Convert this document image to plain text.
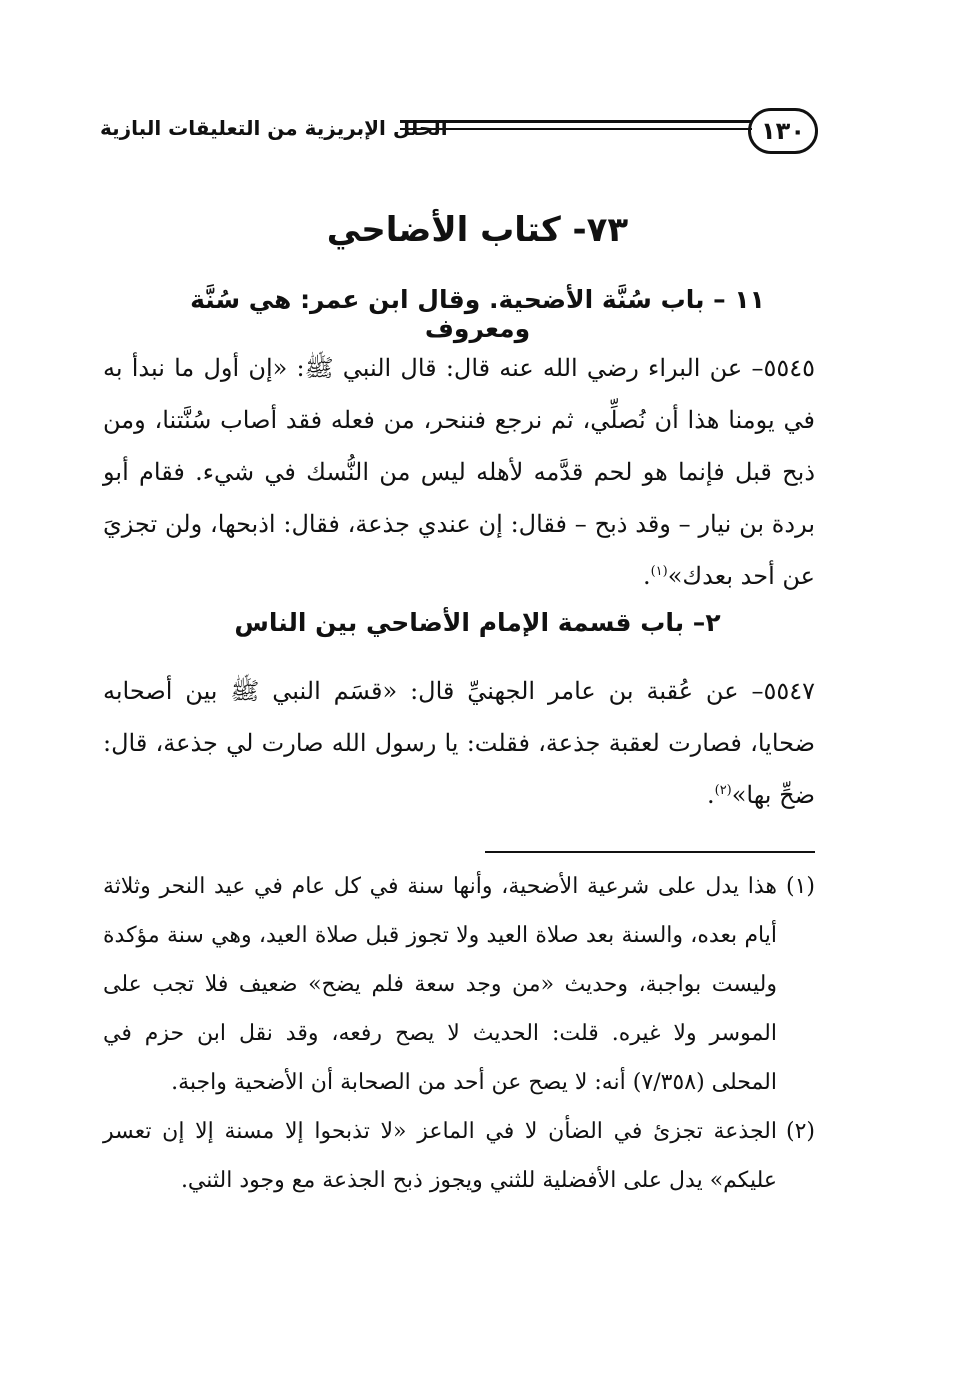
١٣٠
الحلل الإبريزية من التعليقات البازية
٧٣- كتاب الأضاحي
١١ – باب سُنَّة الأضحية. وقال ابن عمر: هي سُنَّة ومعروف
٥٥٤٥– عن البراء رضي الله عنه قال: قال النبي ﷺ: «إن أول ما نبدأ به في يومنا هذا أن نُصلِّي، ثم نرجع فننحر، من فعله فقد أصاب سُنَّتنا، ومن ذبح قبل فإنما هو لحم قدَّمه لأهله ليس من النُّسك في شيء. فقام أبو بردة بن نيار – وقد ذبح – فقال: إن عندي جذعة، فقال: اذبحها، ولن تجزيَ عن أحد بعدك»$^{(١)}$.
٢– باب قسمة الإمام الأضاحي بين الناس
٥٥٤٧– عن عُقبة بن عامر الجهنيِّ قال: «قسَم النبي ﷺ بين أصحابه ضحايا، فصارت لعقبة جذعة، فقلت: يا رسول الله صارت لي جذعة، قال: ضحِّ بها»$^{(٢)}$.
(١)
هذا يدل على شرعية الأضحية، وأنها سنة في كل عام في عيد النحر وثلاثة أيام بعده، والسنة بعد صلاة العيد ولا تجوز قبل صلاة العيد، وهي سنة مؤكدة وليست بواجبة، وحديث «من وجد سعة فلم يضح» ضعيف فلا تجب على الموسر ولا غيره. قلت: الحديث لا يصح رفعه، وقد نقل ابن حزم في المحلى (٧/٣٥٨) أنه: لا يصح عن أحد من الصحابة أن الأضحية واجبة.
(٢)
الجذعة تجزئ في الضأن لا في الماعز «لا تذبحوا إلا مسنة إلا إن تعسر عليكم» يدل على الأفضلية للثني ويجوز ذبح الجذعة مع وجود الثني.
